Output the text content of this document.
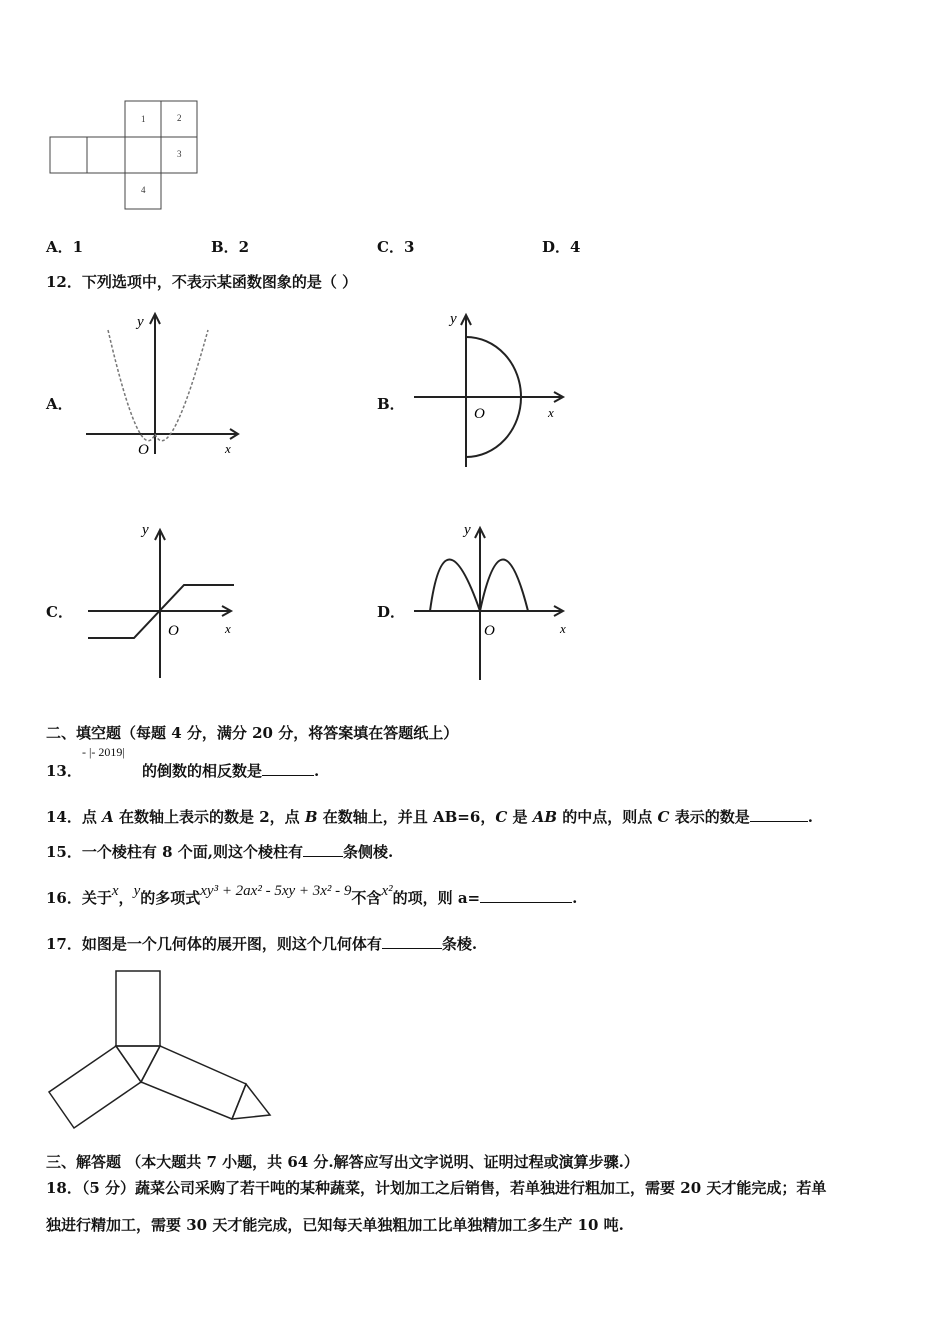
1	2
3
4
A．1	B．2	C．3	D．4
12．下列选项中，不表示某函数图象的是（ ）
A．	B．
C．	D．
y
O	x
y
O	x
y
O	x
y
O	x
二、填空题（每题 4 分，满分 20 分，将答案填在答题纸上）
13．
- |- 2019|
的倒数的相反数是	.
14．点 A 在数轴上表示的数是 2，点 B 在数轴上，并且 AB=6，C 是 AB 的中点，则点 C 表示的数是	.
15．一个棱柱有 8 个面,则这个棱柱有	条侧棱.
16．关于x，y的多项式xy³ + 2ax² - 5xy + 3x² - 9不含x²的项，则 a=	.
17．如图是一个几何体的展开图，则这个几何体有	条棱.
三、解答题 （本大题共 7 小题，共 64 分.解答应写出文字说明、证明过程或演算步骤.）
18．（5 分）蔬菜公司采购了若干吨的某种蔬菜，计划加工之后销售，若单独进行粗加工，需要 20 天才能完成；若单
独进行精加工，需要 30 天才能完成，已知每天单独粗加工比单独精加工多生产 10 吨.
